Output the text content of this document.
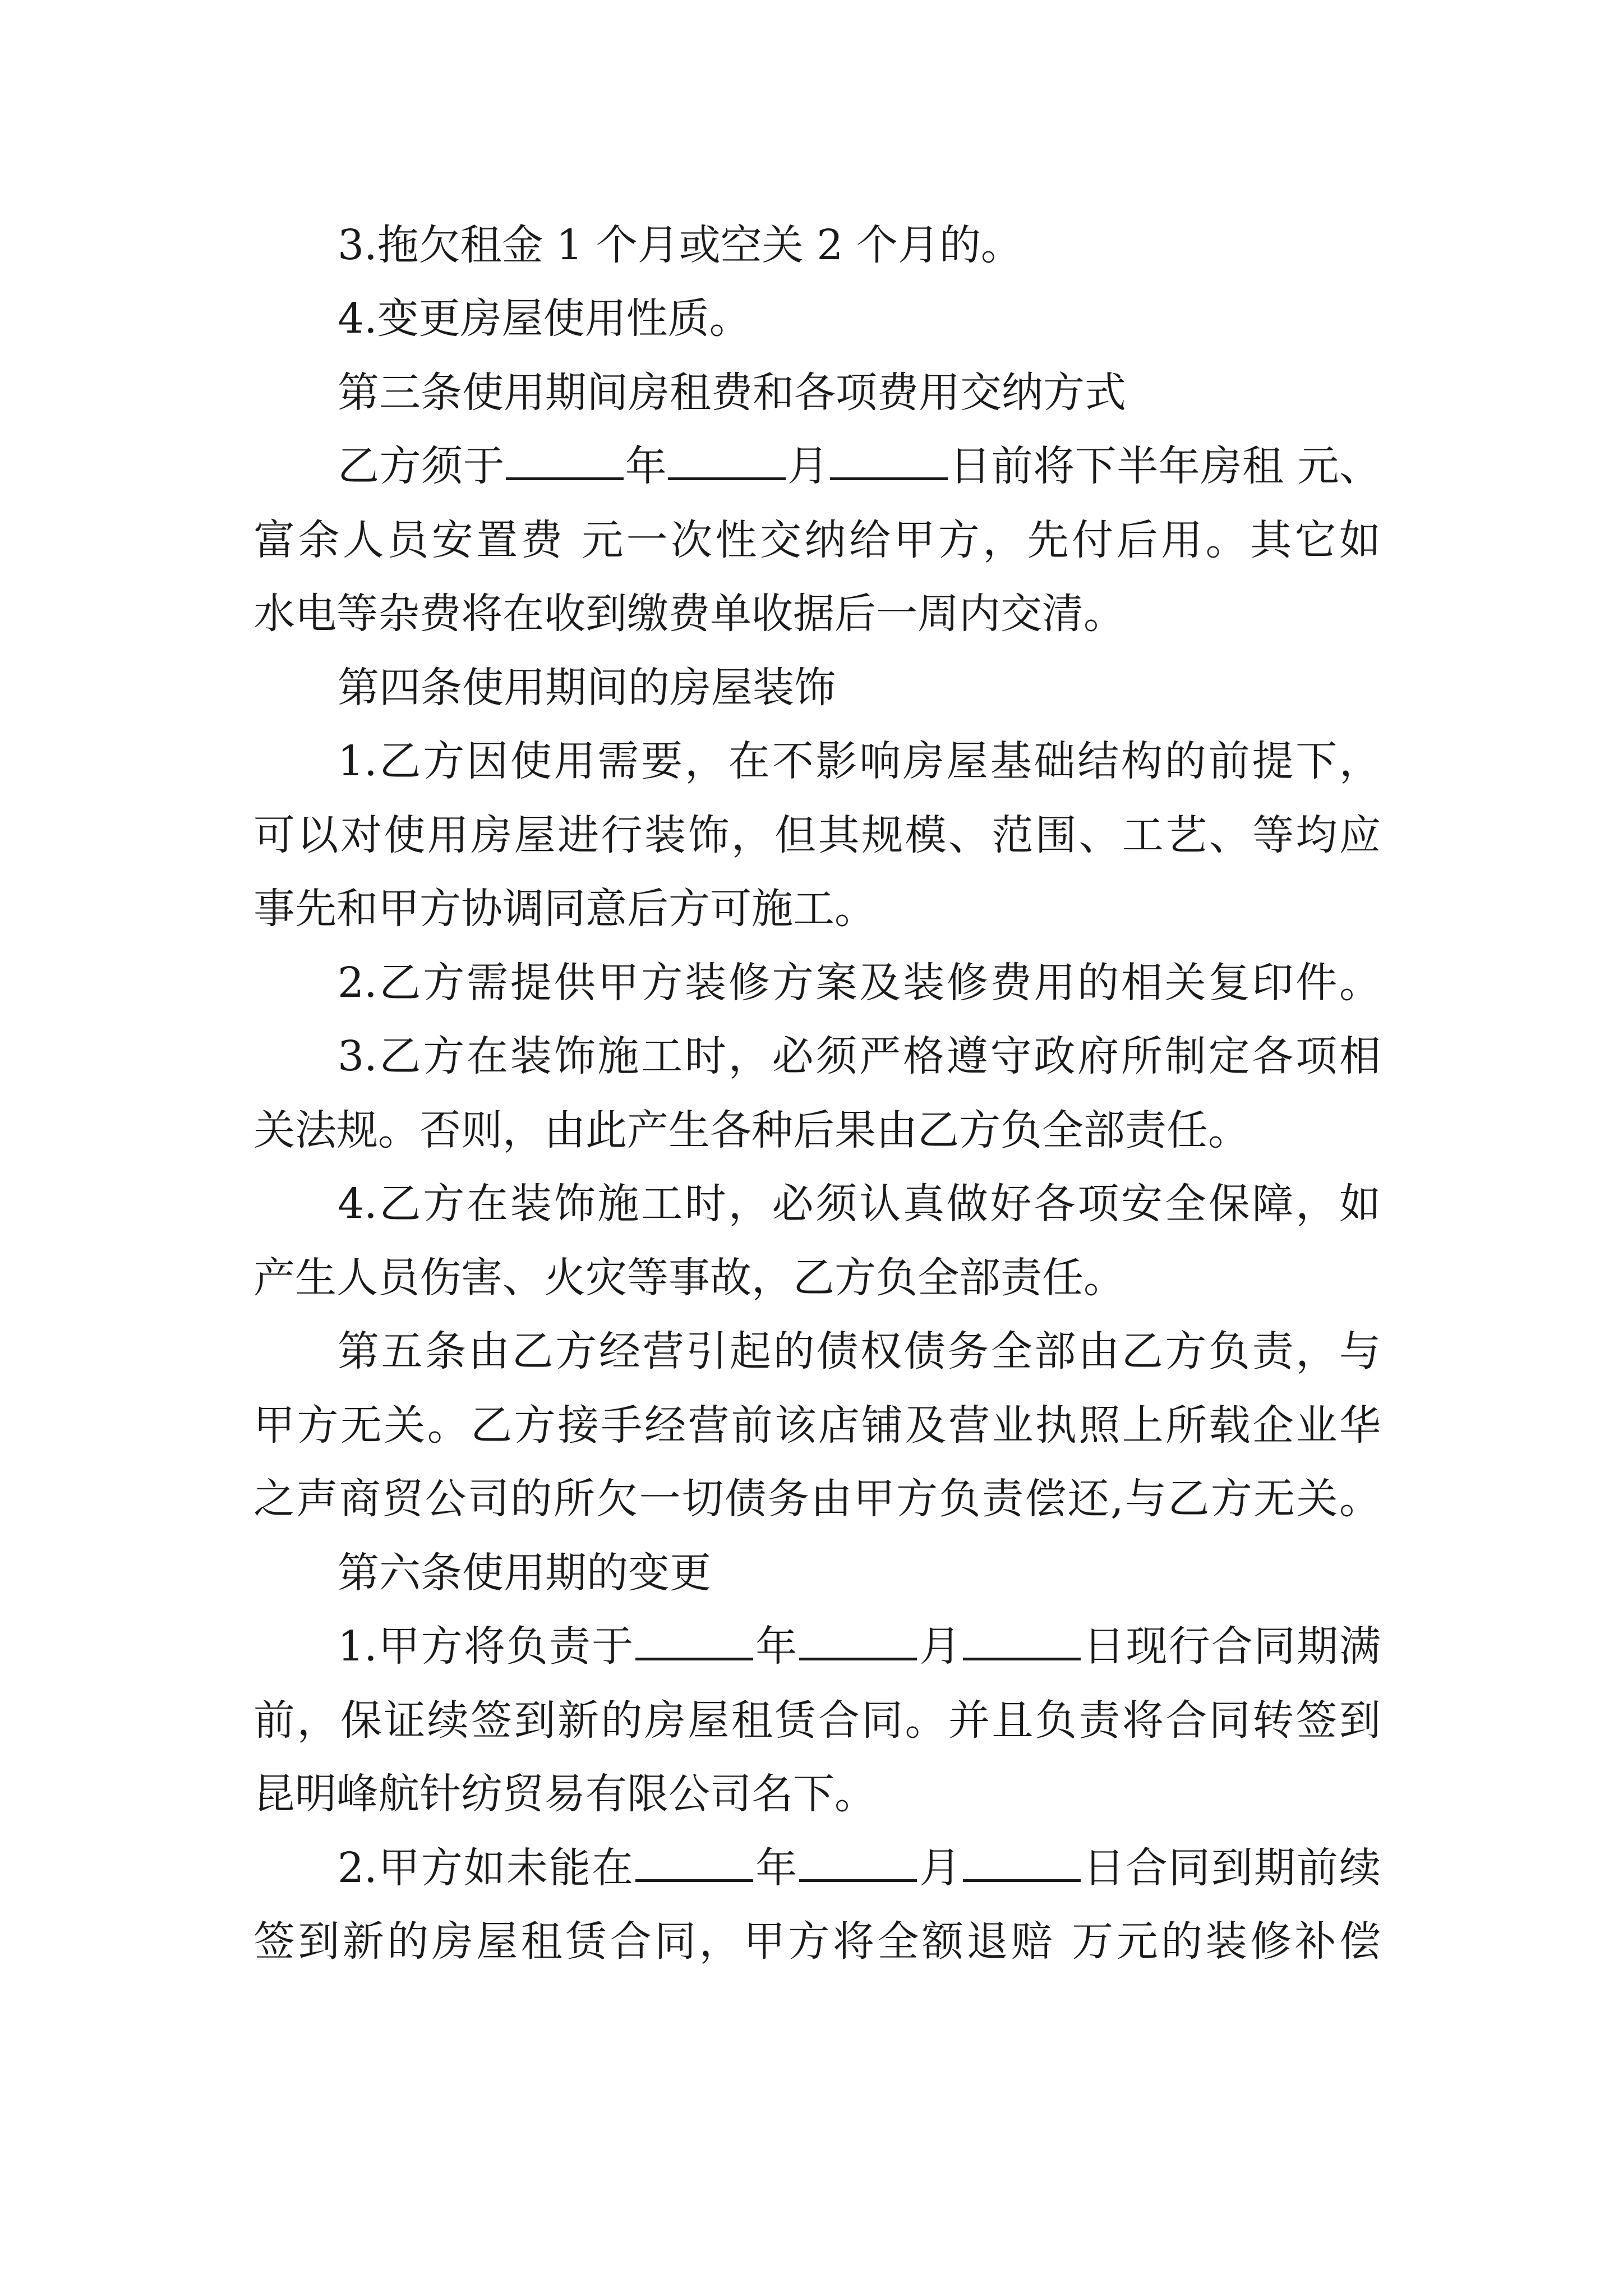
3.拖欠租金 1 个月或空关 2 个月的。
4.变更房屋使用性质。
第三条使用期间房租费和各项费用交纳方式
乙方须于	年	月	日前将下半年房租 元、
富余人员安置费 元一次性交纳给甲方，先付后用。其它如
水电等杂费将在收到缴费单收据后一周内交清。
第四条使用期间的房屋装饰
1.乙方因使用需要，在不影响房屋基础结构的前提下，
可以对使用房屋进行装饰，但其规模、范围、工艺、等均应
事先和甲方协调同意后方可施工。
2.乙方需提供甲方装修方案及装修费用的相关复印件。
3.乙方在装饰施工时，必须严格遵守政府所制定各项相
关法规。否则，由此产生各种后果由乙方负全部责任。
4.乙方在装饰施工时，必须认真做好各项安全保障，如
产生人员伤害、火灾等事故，乙方负全部责任。
第五条由乙方经营引起的债权债务全部由乙方负责，与
甲方无关。乙方接手经营前该店铺及营业执照上所载企业华
之声商贸公司的所欠一切债务由甲方负责偿还,与乙方无关。
第六条使用期的变更
1.甲方将负责于	年	月	日现行合同期满
前，保证续签到新的房屋租赁合同。并且负责将合同转签到
昆明峰航针纺贸易有限公司名下。
2.甲方如未能在	年	月	日合同到期前续
签到新的房屋租赁合同，甲方将全额退赔 万元的装修补偿
